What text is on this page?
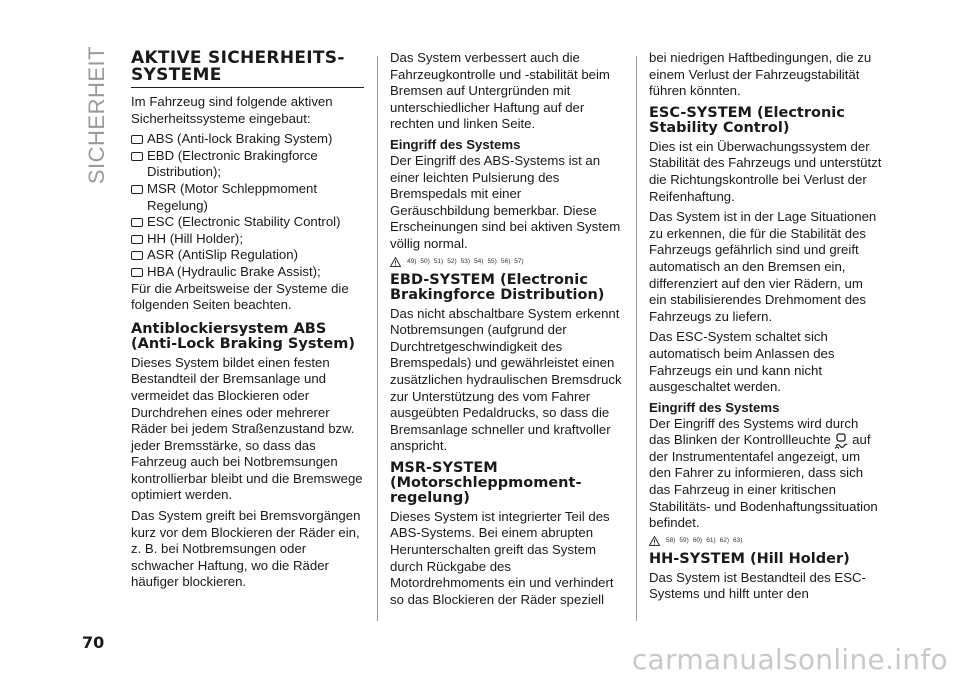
SICHERHEIT AKTIVE SICHERHEITS-SYSTEME

Im Fahrzeug sind folgende aktiven Sicherheitssysteme eingebaut:

ABS (Anti-lock Braking System)
EBD (Electronic Brakingforce Distribution);
MSR (Motor Schleppmoment Regelung)
ESC (Electronic Stability Control)
HH (Hill Holder);
ASR (AntiSlip Regulation)
HBA (Hydraulic Brake Assist);

Für die Arbeitsweise der Systeme die folgenden Seiten beachten.

Antiblockiersystem ABS (Anti-Lock Braking System)

Dieses System bildet einen festen Bestandteil der Bremsanlage und vermeidet das Blockieren oder Durchdrehen eines oder mehrerer Räder bei jedem Straßenzustand bzw. jeder Bremsstärke, so dass das Fahrzeug auch bei Notbremsungen kontrollierbar bleibt und die Bremswege optimiert werden.

Das System greift bei Bremsvorgängen kurz vor dem Blockieren der Räder ein, z. B. bei Notbremsungen oder schwacher Haftung, wo die Räder häufiger blockieren.

Das System verbessert auch die Fahrzeugkontrolle und -stabilität beim Bremsen auf Untergründen mit unterschiedlicher Haftung auf der rechten und linken Seite.

Eingriff des Systems

Der Eingriff des ABS-Systems ist an einer leichten Pulsierung des Bremspedals mit einer Geräuschbildung bemerkbar. Diese Erscheinungen sind bei aktiven System völlig normal.

49) 50) 51) 52) 53) 54) 55) 56) 57)
EBD-SYSTEM (Electronic Brakingforce Distribution)

Das nicht abschaltbare System erkennt Notbremsungen (aufgrund der Durchtretgeschwindigkeit des Bremspedals) und gewährleistet einen zusätzlichen hydraulischen Bremsdruck zur Unterstützung des vom Fahrer ausgeübten Pedaldrucks, so dass die Bremsanlage schneller und kraftvoller anspricht.

MSR-SYSTEM (Motorschleppmoment-regelung)

Dieses System ist integrierter Teil des ABS-Systems. Bei einem abrupten Herunterschalten greift das System durch Rückgabe des Motordrehmoments ein und verhindert so das Blockieren der Räder speziell

bei niedrigen Haftbedingungen, die zu einem Verlust der Fahrzeugstabilität führen könnten.

ESC-SYSTEM (Electronic Stability Control)

Dies ist ein Überwachungssystem der Stabilität des Fahrzeugs und unterstützt die Richtungskontrolle bei Verlust der Reifenhaftung.

Das System ist in der Lage Situationen zu erkennen, die für die Stabilität des Fahrzeugs gefährlich sind und greift automatisch an den Bremsen ein, differenziert auf den vier Rädern, um ein stabilisierendes Drehmoment des Fahrzeugs zu liefern.

Das ESC-System schaltet sich automatisch beim Anlassen des Fahrzeugs ein und kann nicht ausgeschaltet werden.

Eingriff des Systems

Der Eingriff des Systems wird durch das Blinken der Kontrollleuchte auf der Instrumententafel angezeigt, um den Fahrer zu informieren, dass sich das Fahrzeug in einer kritischen Stabilitäts- und Bodenhaftungssituation befindet.

58) 59) 60) 61) 62) 63)
HH-SYSTEM (Hill Holder)

Das System ist Bestandteil des ESC-Systems und hilft unter den

70
carmanualsonline.info
